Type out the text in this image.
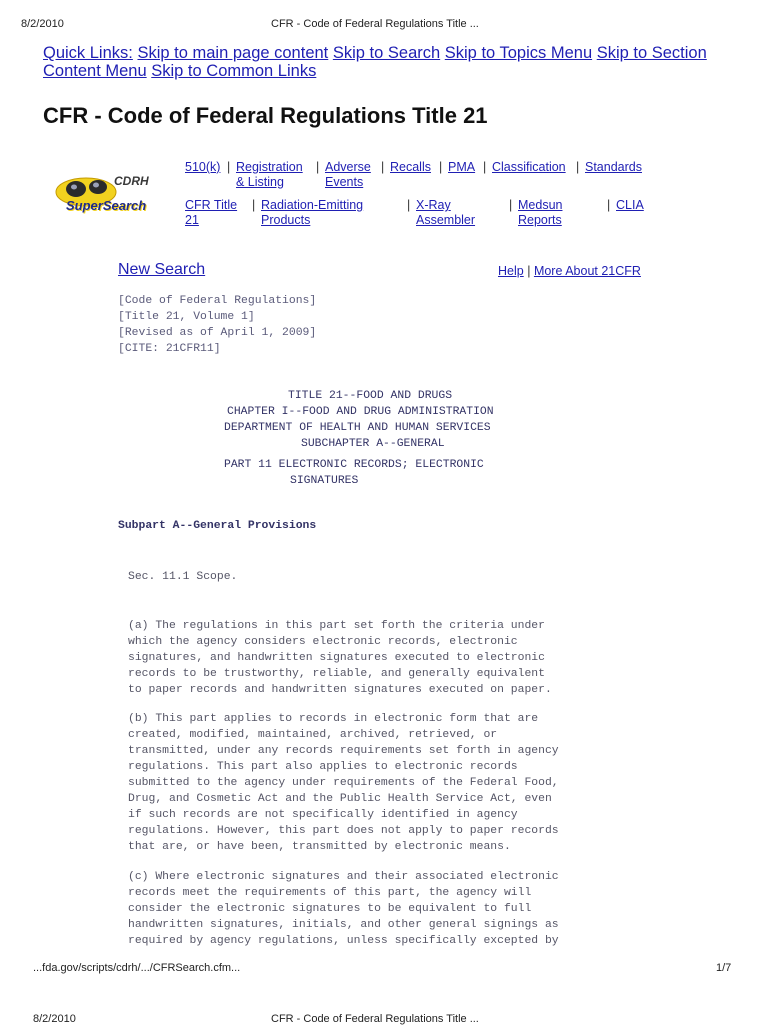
8/2/2010	CFR - Code of Federal Regulations Title ...
Quick Links: Skip to main page content Skip to Search Skip to Topics Menu Skip to Section Content Menu Skip to Common Links
CFR - Code of Federal Regulations Title 21
CDRH
SuperSearch
510(k) | Registration
& Listing
| Adverse
Events
| Recalls | PMA | Classification | Standards
CFR Title
21
| Radiation-Emitting
Products
| X-Ray
Assembler
| Medsun
Reports
| CLIA
New Search	Help | More About 21CFR
[Code of Federal Regulations]
[Title 21, Volume 1]
[Revised as of April 1, 2009]
[CITE: 21CFR11]
TITLE 21--FOOD AND DRUGS
CHAPTER I--FOOD AND DRUG ADMINISTRATION
DEPARTMENT OF HEALTH AND HUMAN SERVICES
SUBCHAPTER A--GENERAL
PART 11 ELECTRONIC RECORDS; ELECTRONIC
SIGNATURES
Subpart A--General Provisions
Sec. 11.1 Scope.
(a) The regulations in this part set forth the criteria under
which the agency considers electronic records, electronic
signatures, and handwritten signatures executed to electronic
records to be trustworthy, reliable, and generally equivalent
to paper records and handwritten signatures executed on paper.
(b) This part applies to records in electronic form that are
created, modified, maintained, archived, retrieved, or
transmitted, under any records requirements set forth in agency
regulations. This part also applies to electronic records
submitted to the agency under requirements of the Federal Food,
Drug, and Cosmetic Act and the Public Health Service Act, even
if such records are not specifically identified in agency
regulations. However, this part does not apply to paper records
that are, or have been, transmitted by electronic means.
(c) Where electronic signatures and their associated electronic
records meet the requirements of this part, the agency will
consider the electronic signatures to be equivalent to full
handwritten signatures, initials, and other general signings as
required by agency regulations, unless specifically excepted by
...fda.gov/scripts/cdrh/.../CFRSearch.cfm...	1/7
8/2/2010	CFR - Code of Federal Regulations Title ...
